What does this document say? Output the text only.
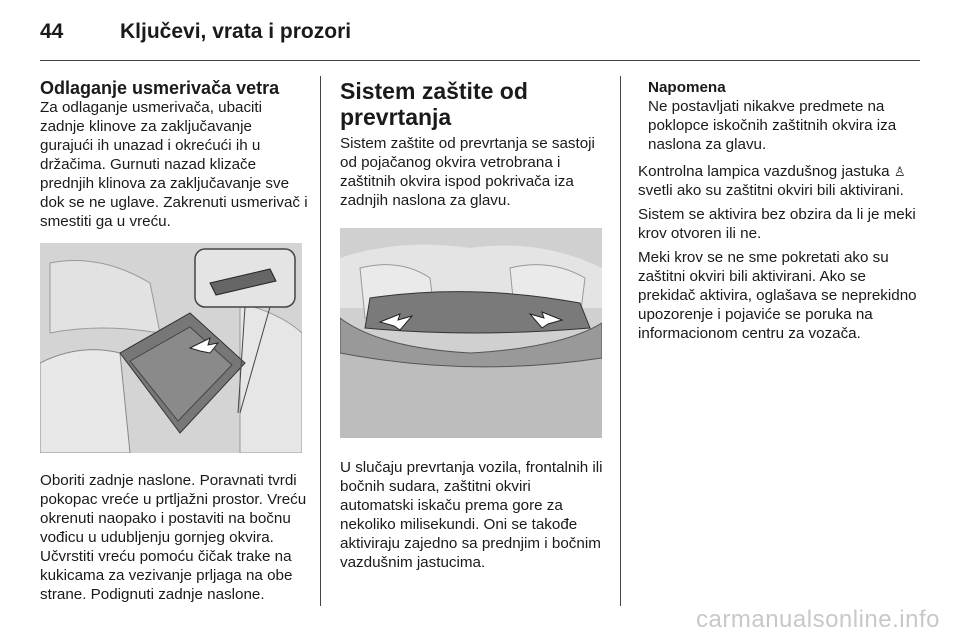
44	Ključevi, vrata i prozori
Odlaganje usmerivača vetra

Za odlaganje usmerivača, ubaciti zadnje klinove za zaključavanje gurajući ih unazad i okrećući ih u držačima. Gurnuti nazad klizače prednjih klinova za zaključavanje sve dok se ne uglave. Zakrenuti usmerivač i smestiti ga u vreću.

Oboriti zadnje naslone. Poravnati tvrdi pokopac vreće u prtljažni prostor. Vreću okrenuti naopako i postaviti na bočnu vođicu u udubljenju gornjeg okvira. Učvrstiti vreću pomoću čičak trake na kukicama za vezivanje prljaga na obe strane. Podignuti zadnje naslone.

Sistem zaštite od prevrtanja

Sistem zaštite od prevrtanja se sastoji od pojačanog okvira vetrobrana i zaštitnih okvira ispod pokrivača iza zadnjih naslona za glavu.

U slučaju prevrtanja vozila, frontalnih ili bočnih sudara, zaštitni okviri automatski iskaču prema gore za nekoliko milisekundi. Oni se takođe aktiviraju zajedno sa prednjim i bočnim vazdušnim jastucima.

Napomena
Ne postavljati nikakve predmete na poklopce iskočnih zaštitnih okvira iza naslona za glavu.

Kontrolna lampica vazdušnog jastuka ♙ svetli ako su zaštitni okviri bili aktivirani.

Sistem se aktivira bez obzira da li je meki krov otvoren ili ne.

Meki krov se ne sme pokretati ako su zaštitni okviri bili aktivirani. Ako se prekidač aktivira, oglašava se neprekidno upozorenje i pojaviće se poruka na informacionom centru za vozača.

carmanualsonline.info
